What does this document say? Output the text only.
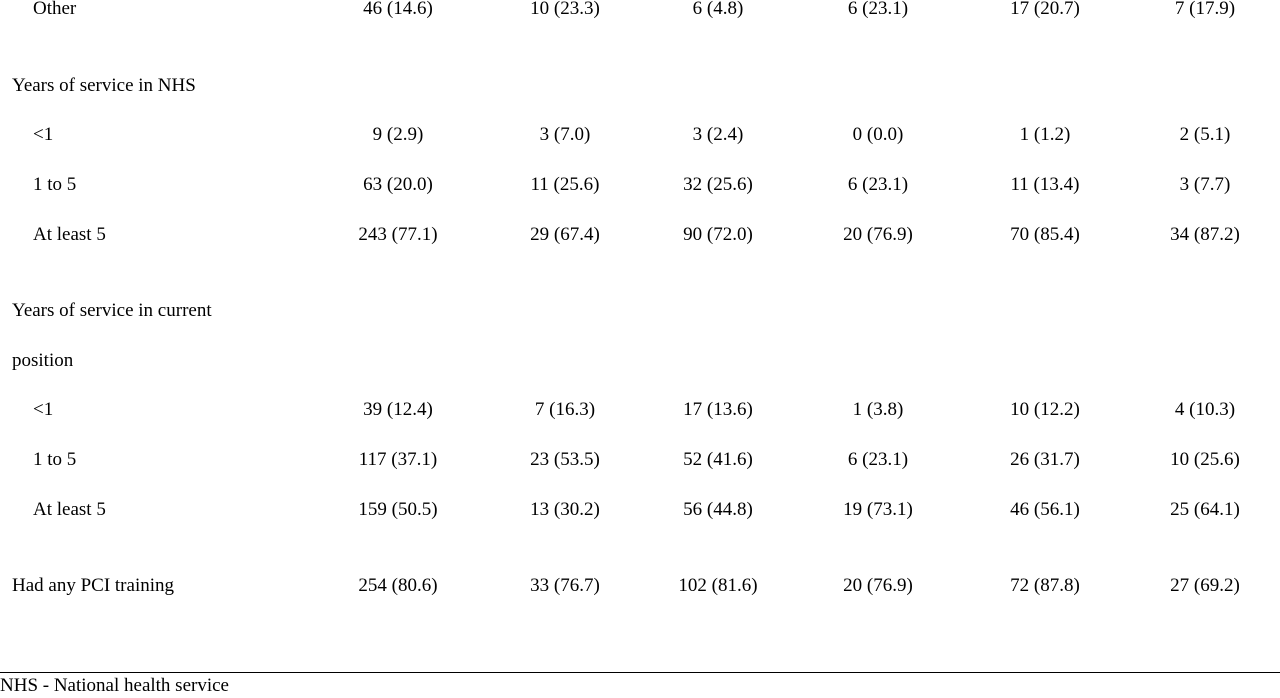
Other	46 (14.6)	10 (23.3)	6 (4.8)	6 (23.1)	17 (20.7)	7 (17.9)
Years of service in NHS
<1	9 (2.9)	3 (7.0)	3 (2.4)	0 (0.0)	1 (1.2)	2 (5.1)
1 to 5	63 (20.0)	11 (25.6)	32 (25.6)	6 (23.1)	11 (13.4)	3 (7.7)
At least 5	243 (77.1)	29 (67.4)	90 (72.0)	20 (76.9)	70 (85.4)	34 (87.2)
Years of service in current
position
<1	39 (12.4)	7 (16.3)	17 (13.6)	1 (3.8)	10 (12.2)	4 (10.3)
1 to 5	117 (37.1)	23 (53.5)	52 (41.6)	6 (23.1)	26 (31.7)	10 (25.6)
At least 5	159 (50.5)	13 (30.2)	56 (44.8)	19 (73.1)	46 (56.1)	25 (64.1)
Had any PCI training	254 (80.6)	33 (76.7)	102 (81.6)	20 (76.9)	72 (87.8)	27 (69.2)
NHS - National health service
